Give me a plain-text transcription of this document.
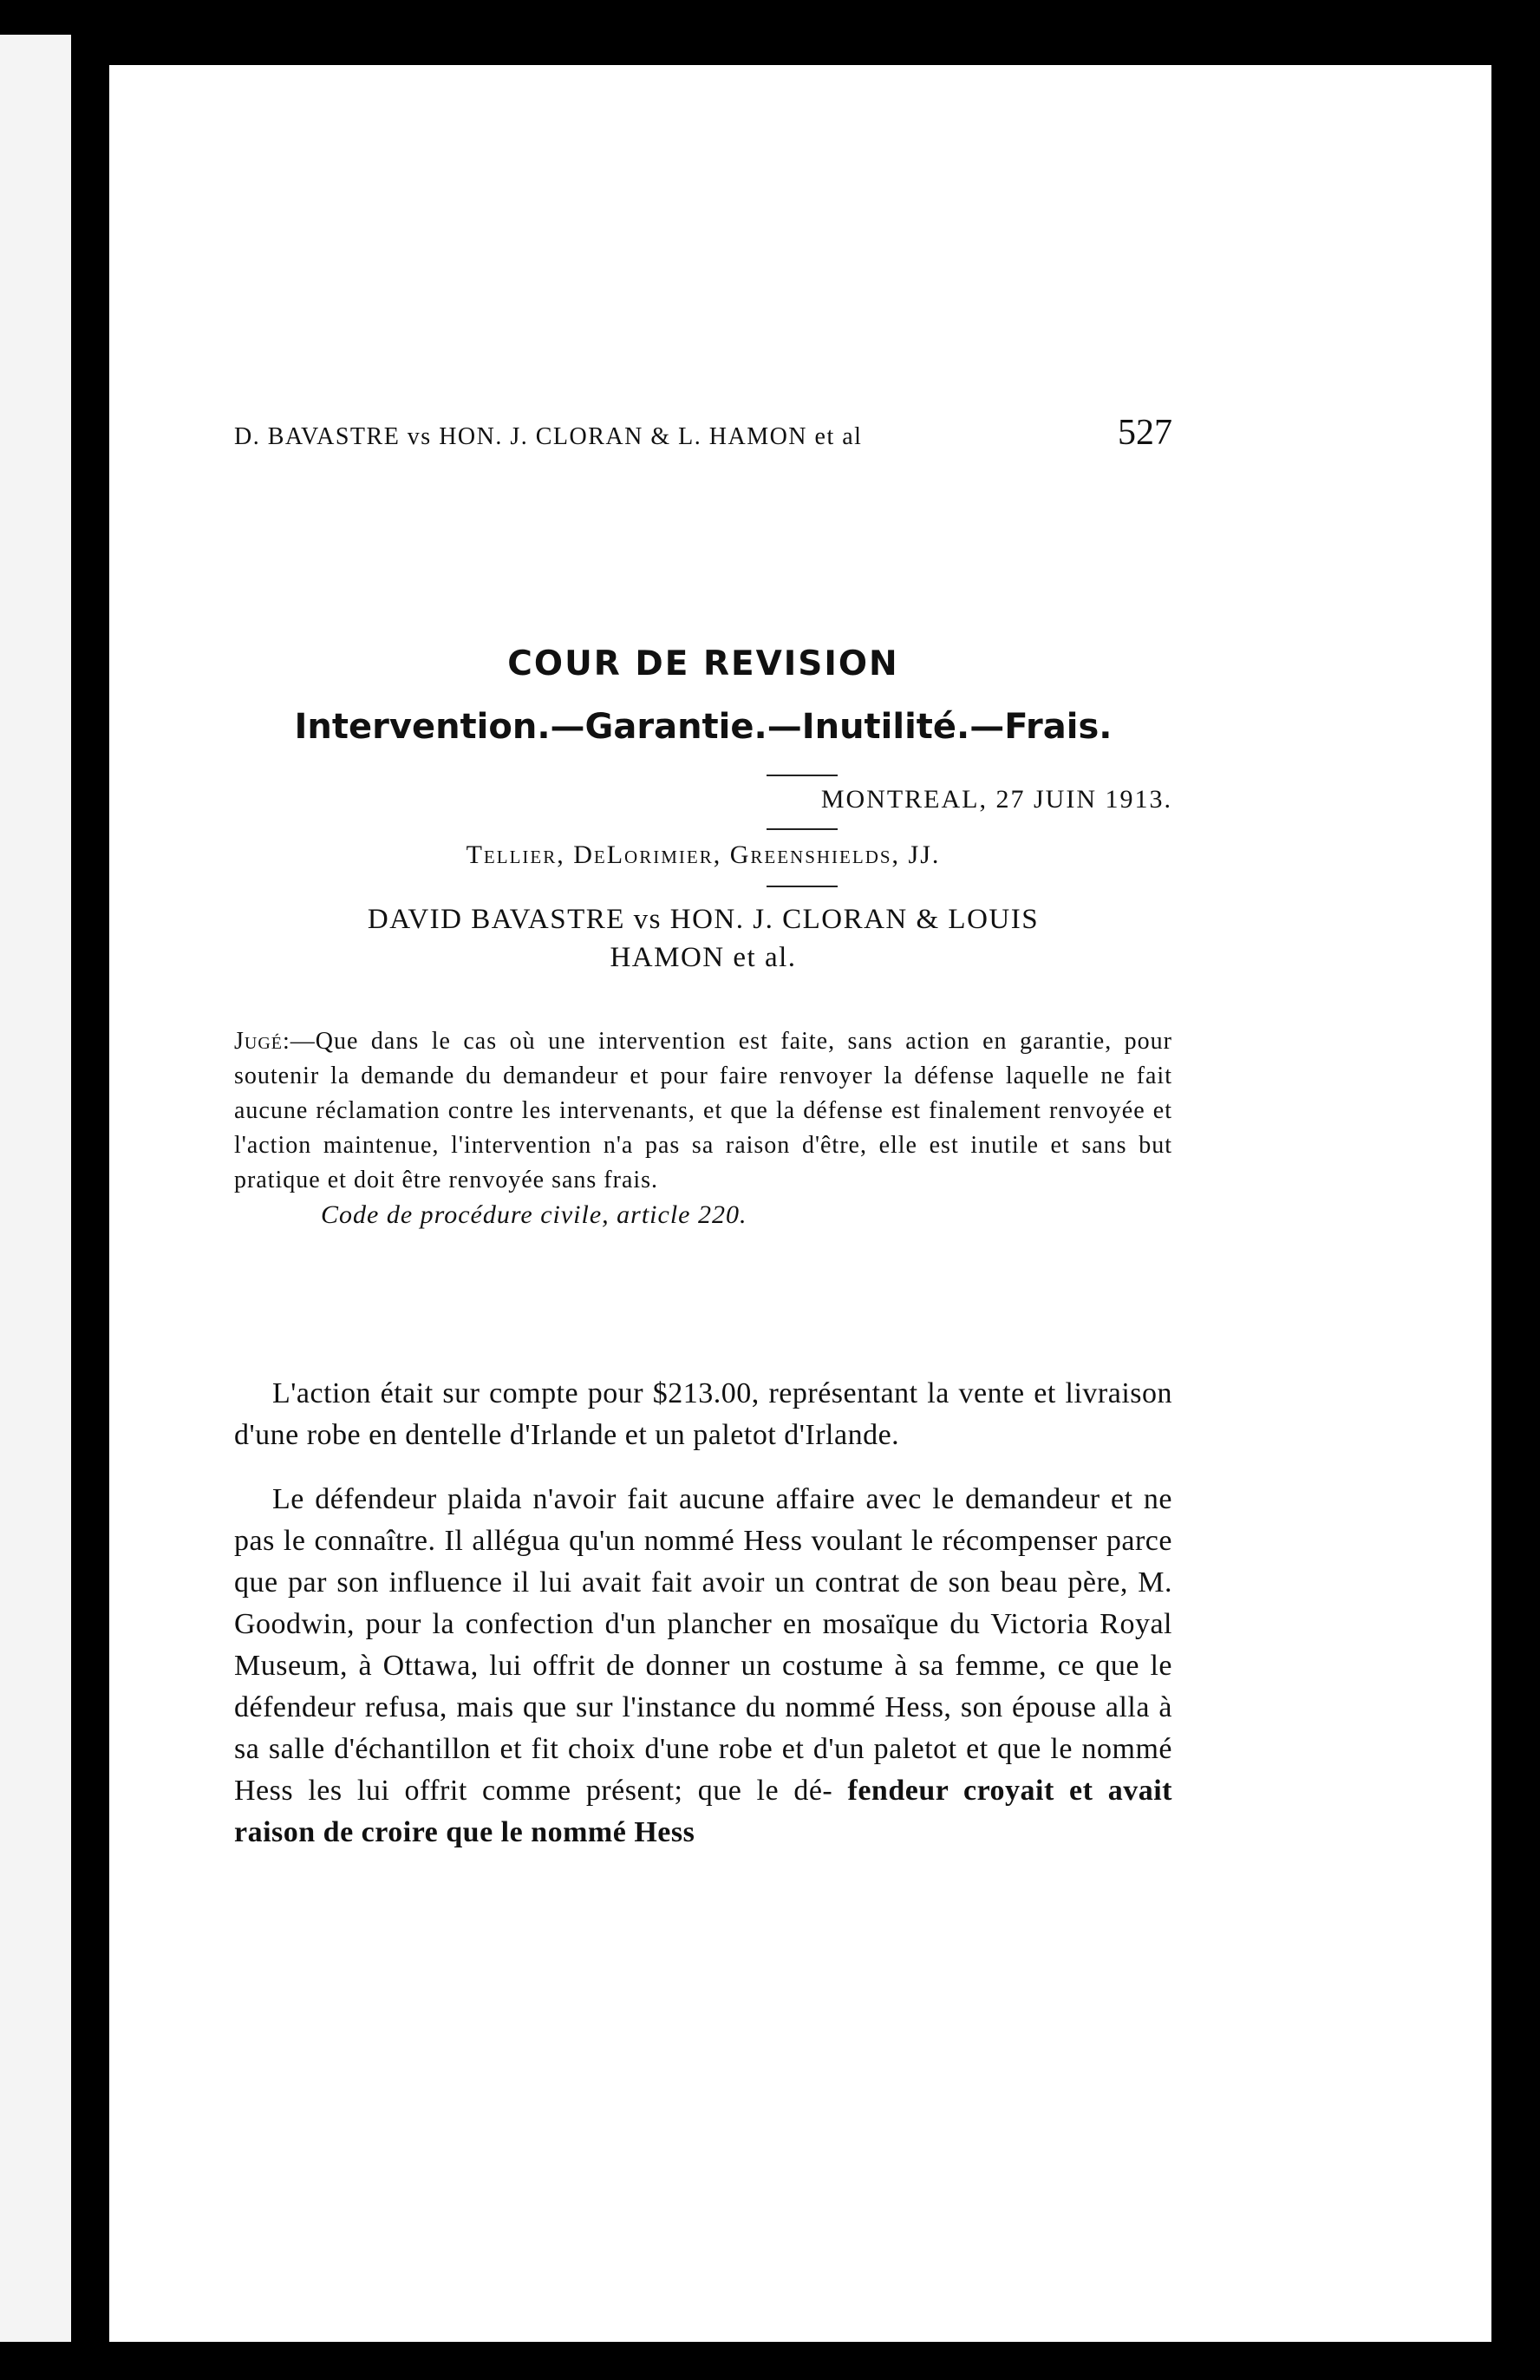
D. BAVASTRE vs HON. J. CLORAN & L. HAMON et al	527
COUR DE REVISION
Intervention.—Garantie.—Inutilité.—Frais.
MONTREAL, 27 JUIN 1913.
Tellier, DeLorimier, Greenshields, JJ.
DAVID BAVASTRE vs HON. J. CLORAN & LOUIS
HAMON et al.
Jugé:—Que dans le cas où une intervention est faite, sans action en garantie, pour soutenir la demande du demandeur et pour faire renvoyer la défense laquelle ne fait aucune réclamation contre les intervenants, et que la défense est finalement renvoyée et l'action maintenue, l'intervention n'a pas sa raison d'être, elle est inutile et sans but pratique et doit être renvoyée sans frais.
Code de procédure civile, article 220.

L'action était sur compte pour $213.00, représentant la vente et livraison d'une robe en dentelle d'Irlande et un paletot d'Irlande.

Le défendeur plaida n'avoir fait aucune affaire avec le demandeur et ne pas le connaître. Il allégua qu'un nommé Hess voulant le récompenser parce que par son influence il lui avait fait avoir un contrat de son beau père, M. Goodwin, pour la confection d'un plancher en mosaïque du Victoria Royal Museum, à Ottawa, lui offrit de donner un costume à sa femme, ce que le défendeur refusa, mais que sur l'instance du nommé Hess, son épouse alla à sa salle d'échantillon et fit choix d'une robe et d'un paletot et que le nommé Hess les lui offrit comme présent; que le dé- fendeur croyait et avait raison de croire que le nommé Hess
